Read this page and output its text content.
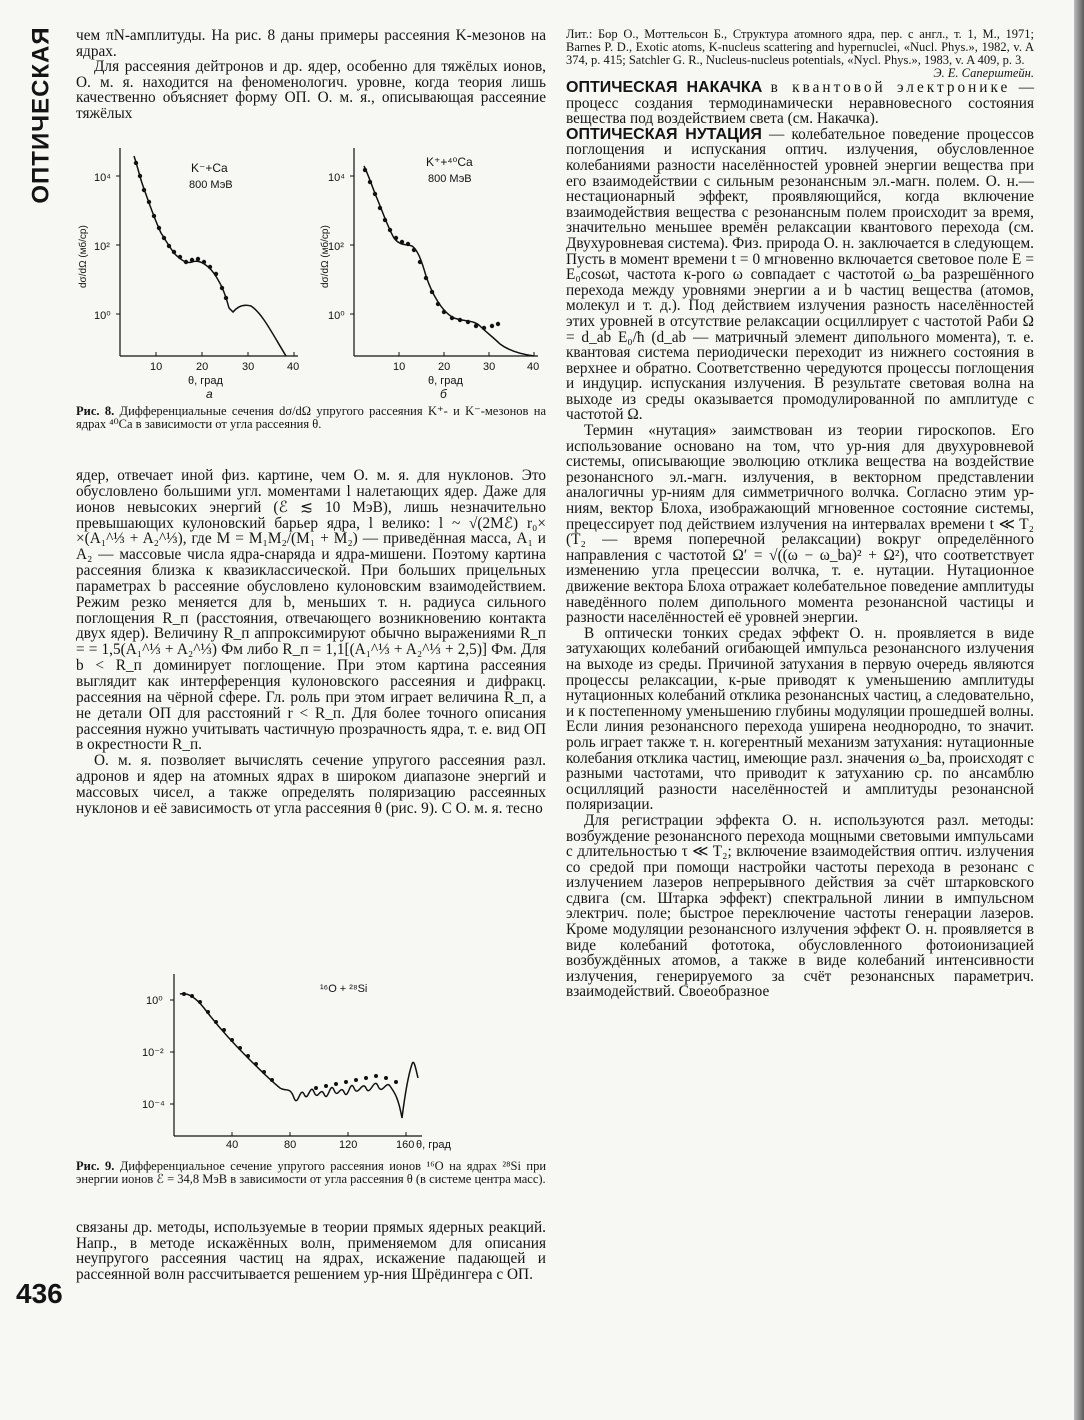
ОПТИЧЕСКАЯ
436

чем πN-амплитуды. На рис. 8 даны примеры рассеяния K-мезонов на ядрах.

Для рассеяния дейтронов и др. ядер, особенно для тяжёлых ионов, О. м. я. находится на феноменологич. уровне, когда теория лишь качественно объясняет форму ОП. О. м. я., описывающая рассеяние тяжёлых

10⁴
10²
10⁰
10	20	30	40
dσ/dΩ (мб/ср)
K⁻+Ca
800 МэВ
θ, град
а
10⁴
10²
10⁰
10	20	30	40
dσ/dΩ (мб/ср)
K⁺+⁴⁰Ca
800 МэВ
θ, град
б
Рис. 8. Дифференциальные сечения dσ/dΩ упругого рассеяния K⁺- и K⁻-мезонов на ядрах ⁴⁰Ca в зависимости от угла рассеяния θ.

ядер, отвечает иной физ. картине, чем О. м. я. для нуклонов. Это обусловлено большими угл. моментами l налетающих ядер. Даже для ионов невысоких энергий (ℰ ≲ 10 МэВ), лишь незначительно превышающих кулоновский барьер ядра, l велико: l ~ √(2Mℰ) r₀× ×(A₁^⅓ + A₂^⅓), где M = M₁M₂/(M₁ + M₂) — приведённая масса, A₁ и A₂ — массовые числа ядра-снаряда и ядра-мишени. Поэтому картина рассеяния близка к квазиклассической. При больших прицельных параметрах b рассеяние обусловлено кулоновским взаимодействием. Режим резко меняется для b, меньших т. н. радиуса сильного поглощения R_п (расстояния, отвечающего возникновению контакта двух ядер). Величину R_п аппроксимируют обычно выражениями R_п = = 1,5(A₁^⅓ + A₂^⅓) Фм либо R_п = 1,1[(A₁^⅓ + A₂^⅓ + 2,5)] Фм. Для b < R_п доминирует поглощение. При этом картина рассеяния выглядит как интерференция кулоновского рассеяния и дифракц. рассеяния на чёрной сфере. Гл. роль при этом играет величина R_п, а не детали ОП для расстояний r < R_п. Для более точного описания рассеяния нужно учитывать частичную прозрачность ядра, т. е. вид ОП в окрестности R_п.

О. м. я. позволяет вычислять сечение упругого рассеяния разл. адронов и ядер на атомных ядрах в широком диапазоне энергий и массовых чисел, а также определять поляризацию рассеянных нуклонов и её зависимость от угла рассеяния θ (рис. 9). С О. м. я. тесно

10⁰
10⁻²
10⁻⁴
40	80	120	160 θ, град
¹⁶O + ²⁸Si
Рис. 9. Дифференциальное сечение упругого рассеяния ионов ¹⁶O на ядрах ²⁸Si при энергии ионов ℰ = 34,8 МэВ в зависимости от угла рассеяния θ (в системе центра масс).

связаны др. методы, используемые в теории прямых ядерных реакций. Напр., в методе искажённых волн, применяемом для описания неупругого рассеяния частиц на ядрах, искажение падающей и рассеянной волн рассчитывается решением ур-ния Шрёдингера с ОП.

Лит.: Бор О., Моттельсон Б., Структура атомного ядра, пер. с англ., т. 1, М., 1971; Barnes P. D., Exotic atoms, K-nucleus scattering and hypernuclei, «Nucl. Phys.», 1982, v. A 374, p. 415; Satchler G. R., Nucleus-nucleus potentials, «Nycl. Phys.», 1983, v. A 409, p. 3.
Э. Е. Саперштейн.

ОПТИЧЕСКАЯ НАКАЧКА в квантовой электронике — процесс создания термодинамически неравновесного состояния вещества под воздействием света (см. Накачка).

ОПТИЧЕСКАЯ НУТАЦИЯ — колебательное поведение процессов поглощения и испускания оптич. излучения, обусловленное колебаниями разности населённостей уровней энергии вещества при его взаимодействии с сильным резонансным эл.-магн. полем. О. н.— нестационарный эффект, проявляющийся, когда включение взаимодействия вещества с резонансным полем происходит за время, значительно меньшее времён релаксации квантового перехода (см. Двухуровневая система). Физ. природа О. н. заключается в следующем. Пусть в момент времени t = 0 мгновенно включается световое поле E = E₀cosωt, частота к-рого ω совпадает с частотой ω_ba разрешённого перехода между уровнями энергии a и b частиц вещества (атомов, молекул и т. д.). Под действием излучения разность населённостей этих уровней в отсутствие релаксации осциллирует с частотой Раби Ω = d_ab E₀/ħ (d_ab — матричный элемент дипольного момента), т. е. квантовая система периодически переходит из нижнего состояния в верхнее и обратно. Соответственно чередуются процессы поглощения и индуцир. испускания излучения. В результате световая волна на выходе из среды оказывается промодулированной по амплитуде с частотой Ω.

Термин «нутация» заимствован из теории гироскопов. Его использование основано на том, что ур-ния для двухуровневой системы, описывающие эволюцию отклика вещества на воздействие резонансного эл.-магн. излучения, в векторном представлении аналогичны ур-ниям для симметричного волчка. Согласно этим ур-ниям, вектор Блоха, изображающий мгновенное состояние системы, прецессирует под действием излучения на интервалах времени t ≪ T₂ (T₂ — время поперечной релаксации) вокруг определённого направления с частотой Ω′ = √((ω − ω_ba)² + Ω²), что соответствует изменению угла прецессии волчка, т. е. нутации. Нутационное движение вектора Блоха отражает колебательное поведение амплитуды наведённого полем дипольного момента резонансной частицы и разности населённостей её уровней энергии.

В оптически тонких средах эффект О. н. проявляется в виде затухающих колебаний огибающей импульса резонансного излучения на выходе из среды. Причиной затухания в первую очередь являются процессы релаксации, к-рые приводят к уменьшению амплитуды нутационных колебаний отклика резонансных частиц, а следовательно, и к постепенному уменьшению глубины модуляции прошедшей волны. Если линия резонансного перехода уширена неоднородно, то значит. роль играет также т. н. когерентный механизм затухания: нутационные колебания отклика частиц, имеющие разл. значения ω_ba, происходят с разными частотами, что приводит к затуханию ср. по ансамблю осцилляций разности населённостей и амплитуды резонансной поляризации.

Для регистрации эффекта О. н. используются разл. методы: возбуждение резонансного перехода мощными световыми импульсами с длительностью τ ≪ T₂; включение взаимодействия оптич. излучения со средой при помощи настройки частоты перехода в резонанс с излучением лазеров непрерывного действия за счёт штарковского сдвига (см. Штарка эффект) спектральной линии в импульсном электрич. поле; быстрое переключение частоты генерации лазеров. Кроме модуляции резонансного излучения эффект О. н. проявляется в виде колебаний фототока, обусловленного фотоионизацией возбуждённых атомов, а также в виде колебаний интенсивности излучения, генерируемого за счёт резонансных параметрич. взаимодействий. Своеобразное
